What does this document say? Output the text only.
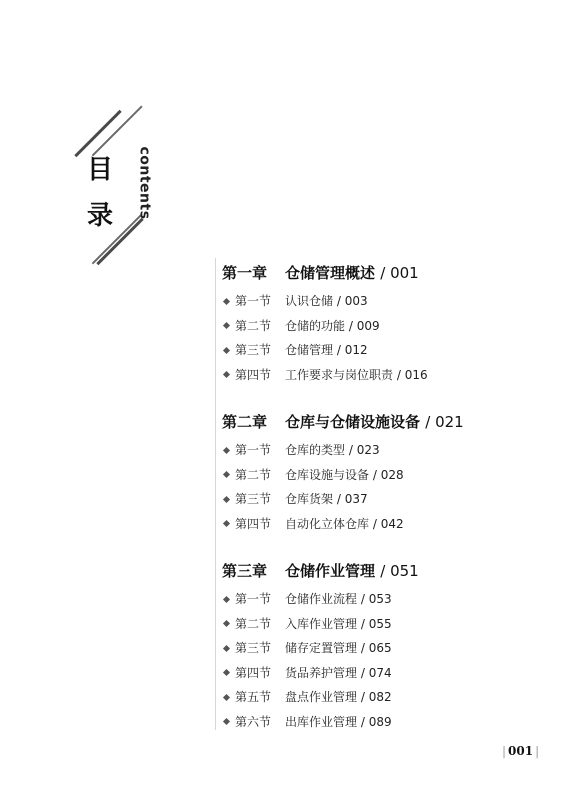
目
录 contents
第一章 仓储管理概述 / 001
第一节 认识仓储 / 003
第二节 仓储的功能 / 009
第三节 仓储管理 / 012
第四节 工作要求与岗位职责 / 016
第二章 仓库与仓储设施设备 / 021
第一节 仓库的类型 / 023
第二节 仓库设施与设备 / 028
第三节 仓库货架 / 037
第四节 自动化立体仓库 / 042
第三章 仓储作业管理 / 051
第一节 仓储作业流程 / 053
第二节 入库作业管理 / 055
第三节 储存定置管理 / 065
第四节 货品养护管理 / 074
第五节 盘点作业管理 / 082
第六节 出库作业管理 / 089
| 001 |
